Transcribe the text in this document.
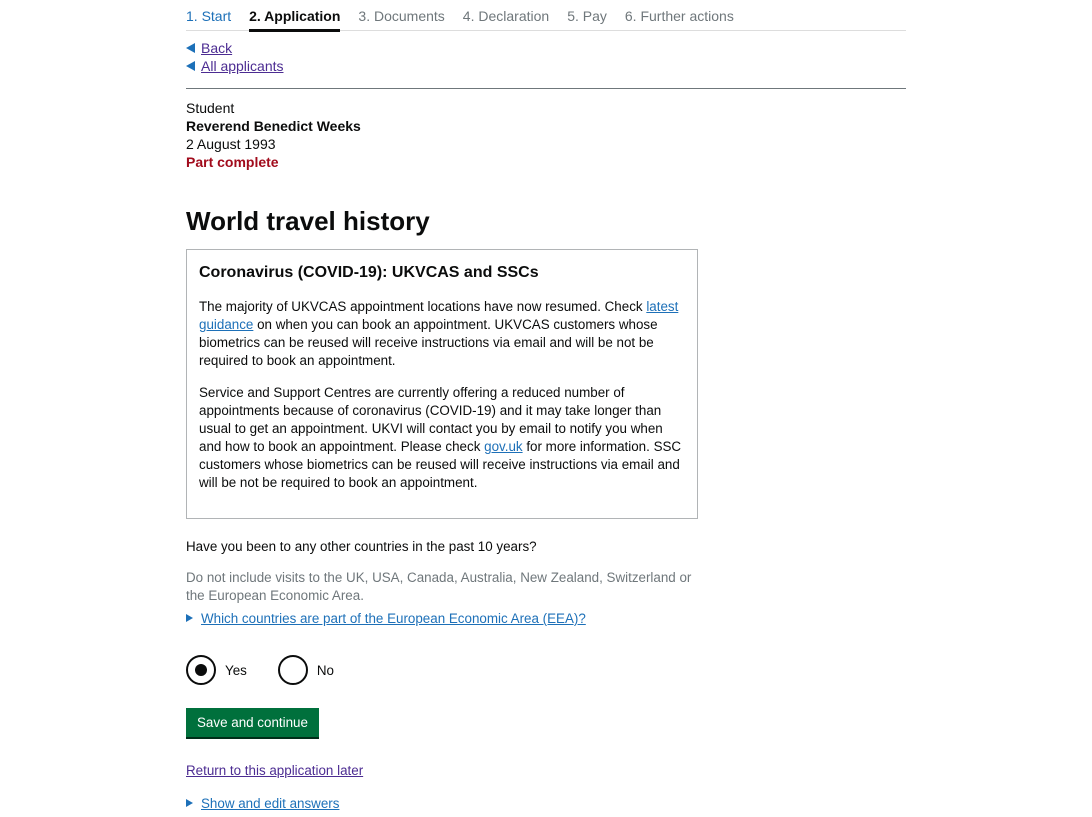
1. Start 2. Application 3. Documents 4. Declaration 5. Pay 6. Further actions
Back
All applicants
Student
Reverend Benedict Weeks
2 August 1993
Part complete
World travel history
Coronavirus (COVID-19): UKVCAS and SSCs

The majority of UKVCAS appointment locations have now resumed. Check latest guidance on when you can book an appointment. UKVCAS customers whose biometrics can be reused will receive instructions via email and will be not be required to book an appointment.

Service and Support Centres are currently offering a reduced number of appointments because of coronavirus (COVID-19) and it may take longer than usual to get an appointment. UKVI will contact you by email to notify you when and how to book an appointment. Please check gov.uk for more information. SSC customers whose biometrics can be reused will receive instructions via email and will be not be required to book an appointment.

Have you been to any other countries in the past 10 years?
Do not include visits to the UK, USA, Canada, Australia, New Zealand, Switzerland or the European Economic Area.
Which countries are part of the European Economic Area (EEA)?
Yes	No
Save and continue
Return to this application later
Show and edit answers
